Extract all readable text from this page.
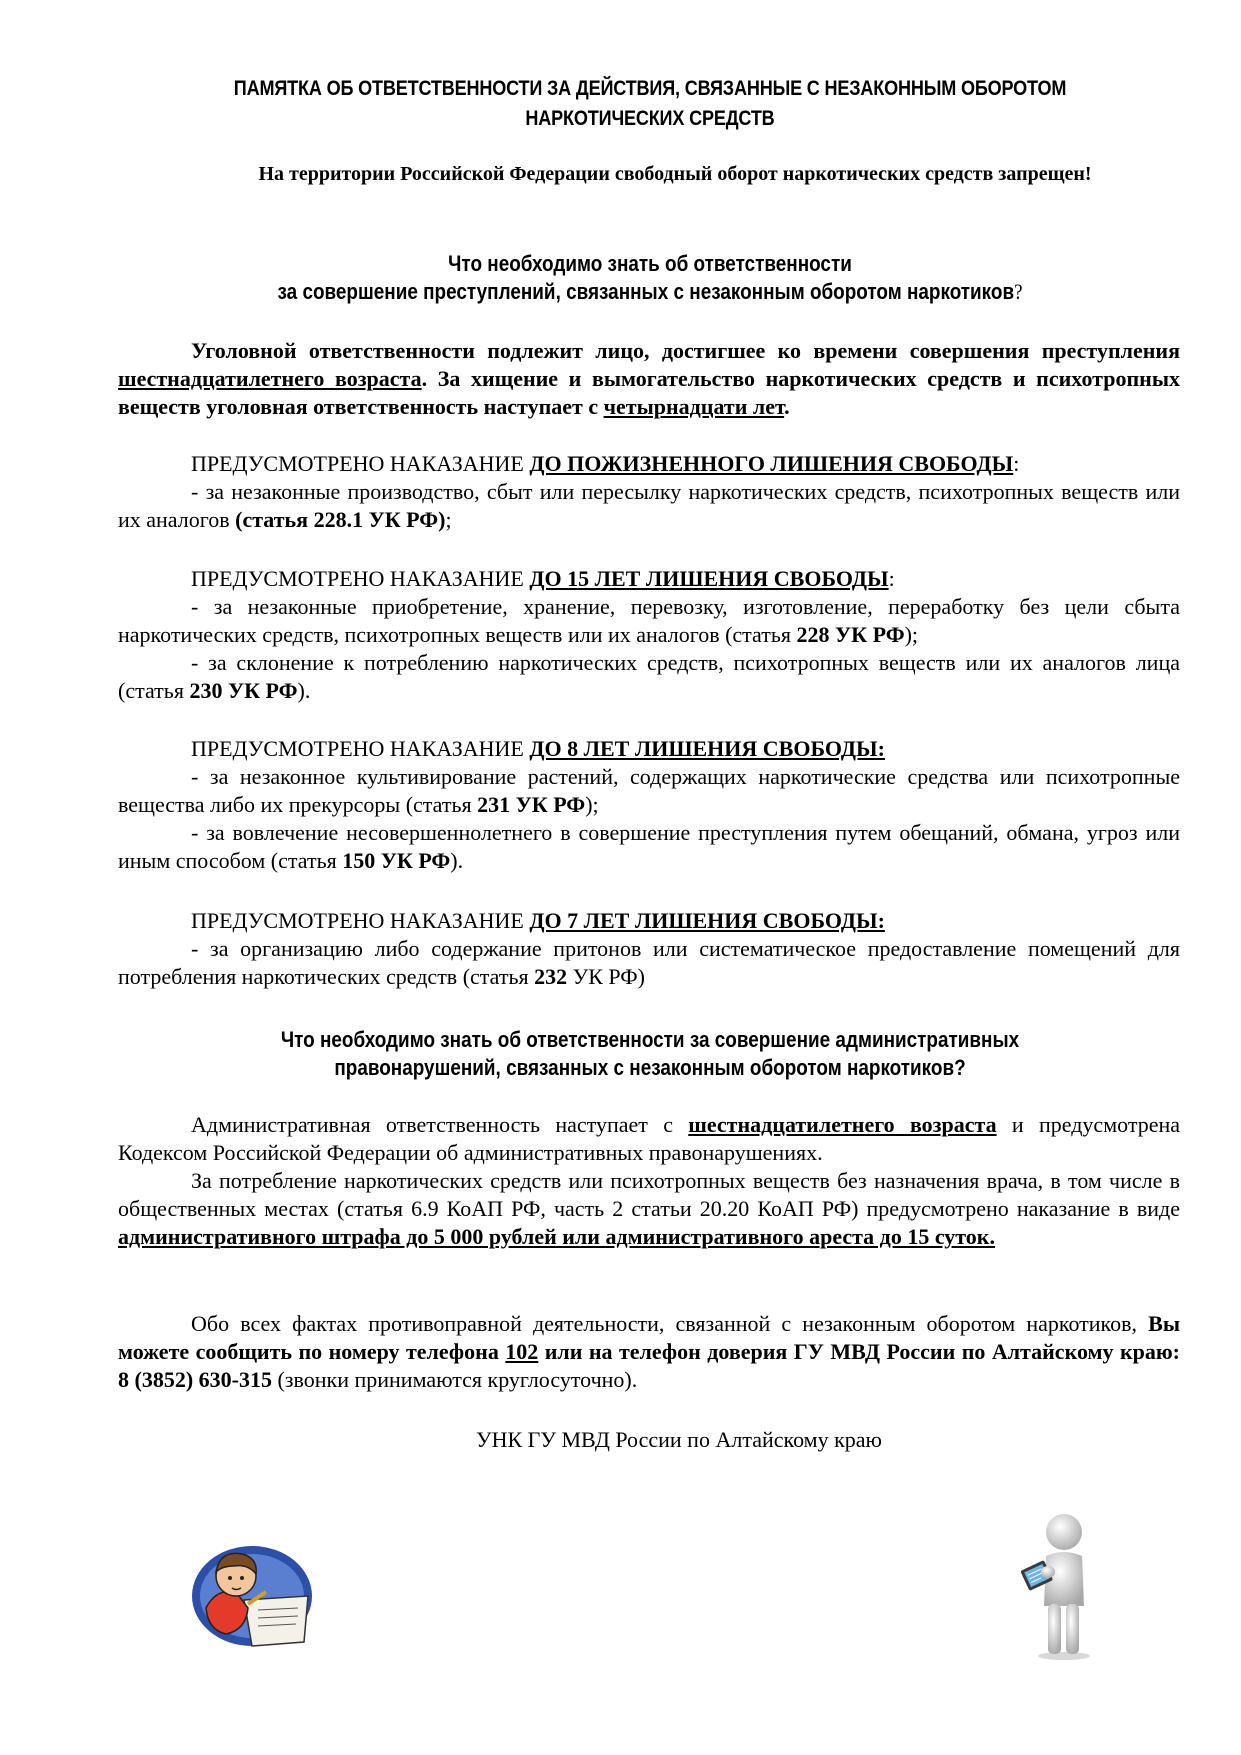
ПАМЯТКА ОБ ОТВЕТСТВЕННОСТИ ЗА ДЕЙСТВИЯ, СВЯЗАННЫЕ С НЕЗАКОННЫМ ОБОРОТОМ НАРКОТИЧЕСКИХ СРЕДСТВ
На территории Российской Федерации свободный оборот наркотических средств запрещен!
Что необходимо знать об ответственности
за совершение преступлений, связанных с незаконным оборотом наркотиков?

Уголовной ответственности подлежит лицо, достигшее ко времени совершения преступления шестнадцатилетнего возраста. За хищение и вымогательство наркотических средств и психотропных веществ уголовная ответственность наступает с четырнадцати лет.

ПРЕДУСМОТРЕНО НАКАЗАНИЕ ДО ПОЖИЗНЕННОГО ЛИШЕНИЯ СВОБОДЫ:

- за незаконные производство, сбыт или пересылку наркотических средств, психотропных веществ или их аналогов (статья 228.1 УК РФ);

ПРЕДУСМОТРЕНО НАКАЗАНИЕ ДО 15 ЛЕТ ЛИШЕНИЯ СВОБОДЫ:

- за незаконные приобретение, хранение, перевозку, изготовление, переработку без цели сбыта наркотических средств, психотропных веществ или их аналогов (статья 228 УК РФ);

- за склонение к потреблению наркотических средств, психотропных веществ или их аналогов лица (статья 230 УК РФ).

ПРЕДУСМОТРЕНО НАКАЗАНИЕ ДО 8 ЛЕТ ЛИШЕНИЯ СВОБОДЫ:

- за незаконное культивирование растений, содержащих наркотические средства или психотропные вещества либо их прекурсоры (статья 231 УК РФ);

- за вовлечение несовершеннолетнего в совершение преступления путем обещаний, обмана, угроз или иным способом (статья 150 УК РФ).

ПРЕДУСМОТРЕНО НАКАЗАНИЕ ДО 7 ЛЕТ ЛИШЕНИЯ СВОБОДЫ:

- за организацию либо содержание притонов или систематическое предоставление помещений для потребления наркотических средств (статья 232 УК РФ)

Что необходимо знать об ответственности за совершение административных
правонарушений, связанных с незаконным оборотом наркотиков?

Административная ответственность наступает с шестнадцатилетнего возраста и предусмотрена Кодексом Российской Федерации об административных правонарушениях.

За потребление наркотических средств или психотропных веществ без назначения врача, в том числе в общественных местах (статья 6.9 КоАП РФ, часть 2 статьи 20.20 КоАП РФ) предусмотрено наказание в виде административного штрафа до 5 000 рублей или административного ареста до 15 суток.

Обо всех фактах противоправной деятельности, связанной с незаконным оборотом наркотиков, Вы можете сообщить по номеру телефона 102 или на телефон доверия ГУ МВД России по Алтайскому краю: 8 (3852) 630-315 (звонки принимаются круглосуточно).

УНК ГУ МВД России по Алтайскому краю
